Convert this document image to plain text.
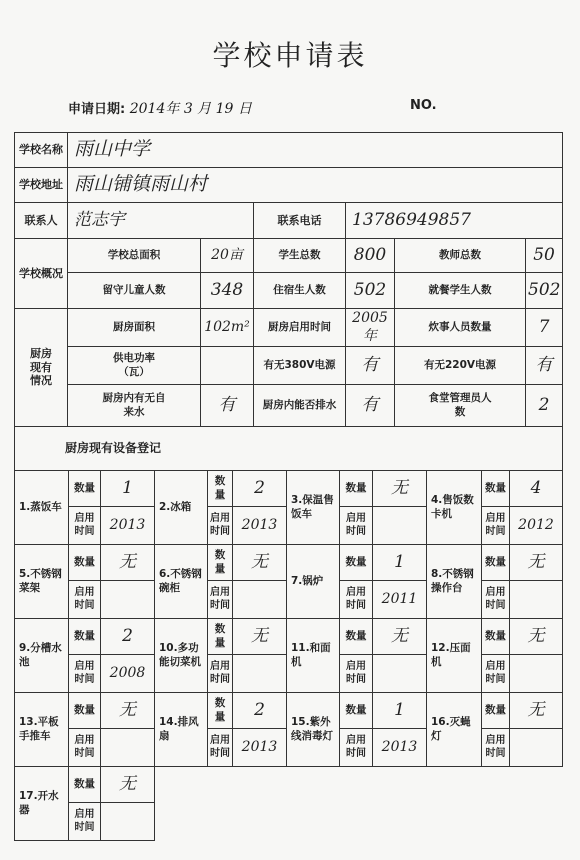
学校申请表
申请日期: 2014年 3 月 19 日	NO.
学校名称	雨山中学					
学校地址	雨山铺镇雨山村					
联系人	范志宇		联系电话	13786949857		
学校概况	学校总面积	20亩	学生总数	800	教师总数	50
	留守儿童人数	348	住宿生人数	502	就餐学生人数	502
厨房现有情况	厨房面积	102m²	厨房启用时间	2005年	炊事人员数量	7
	供电功率（瓦）		有无380V电源	有	有无220V电源	有
	厨房内有无自来水	有	厨房内能否排水	有	食堂管理员人数	2
厨房现有设备登记						
1.蒸饭车	数量	1	2.冰箱	数量	2	3.保温售饭车	数量	无	4.售饭数卡机	数量	4
	启用时间	2013		启用时间	2013		启用时间			启用时间	2012
5.不锈钢菜架	数量	无	6.不锈钢碗柜	数量	无	7.锅炉	数量	1	8.不锈钢操作台	数量	无
	启用时间			启用时间			启用时间	2011		启用时间	
9.分槽水池	数量	2	10.多功能切菜机	数量	无	11.和面机	数量	无	12.压面机	数量	无
	启用时间	2008		启用时间			启用时间			启用时间	
13.平板手推车	数量	无	14.排风扇	数量	2	15.紫外线消毒灯	数量	1	16.灭蝇灯	数量	无
	启用时间			启用时间	2013		启用时间	2013		启用时间	
17.开水器	数量	无									
	启用时间										
